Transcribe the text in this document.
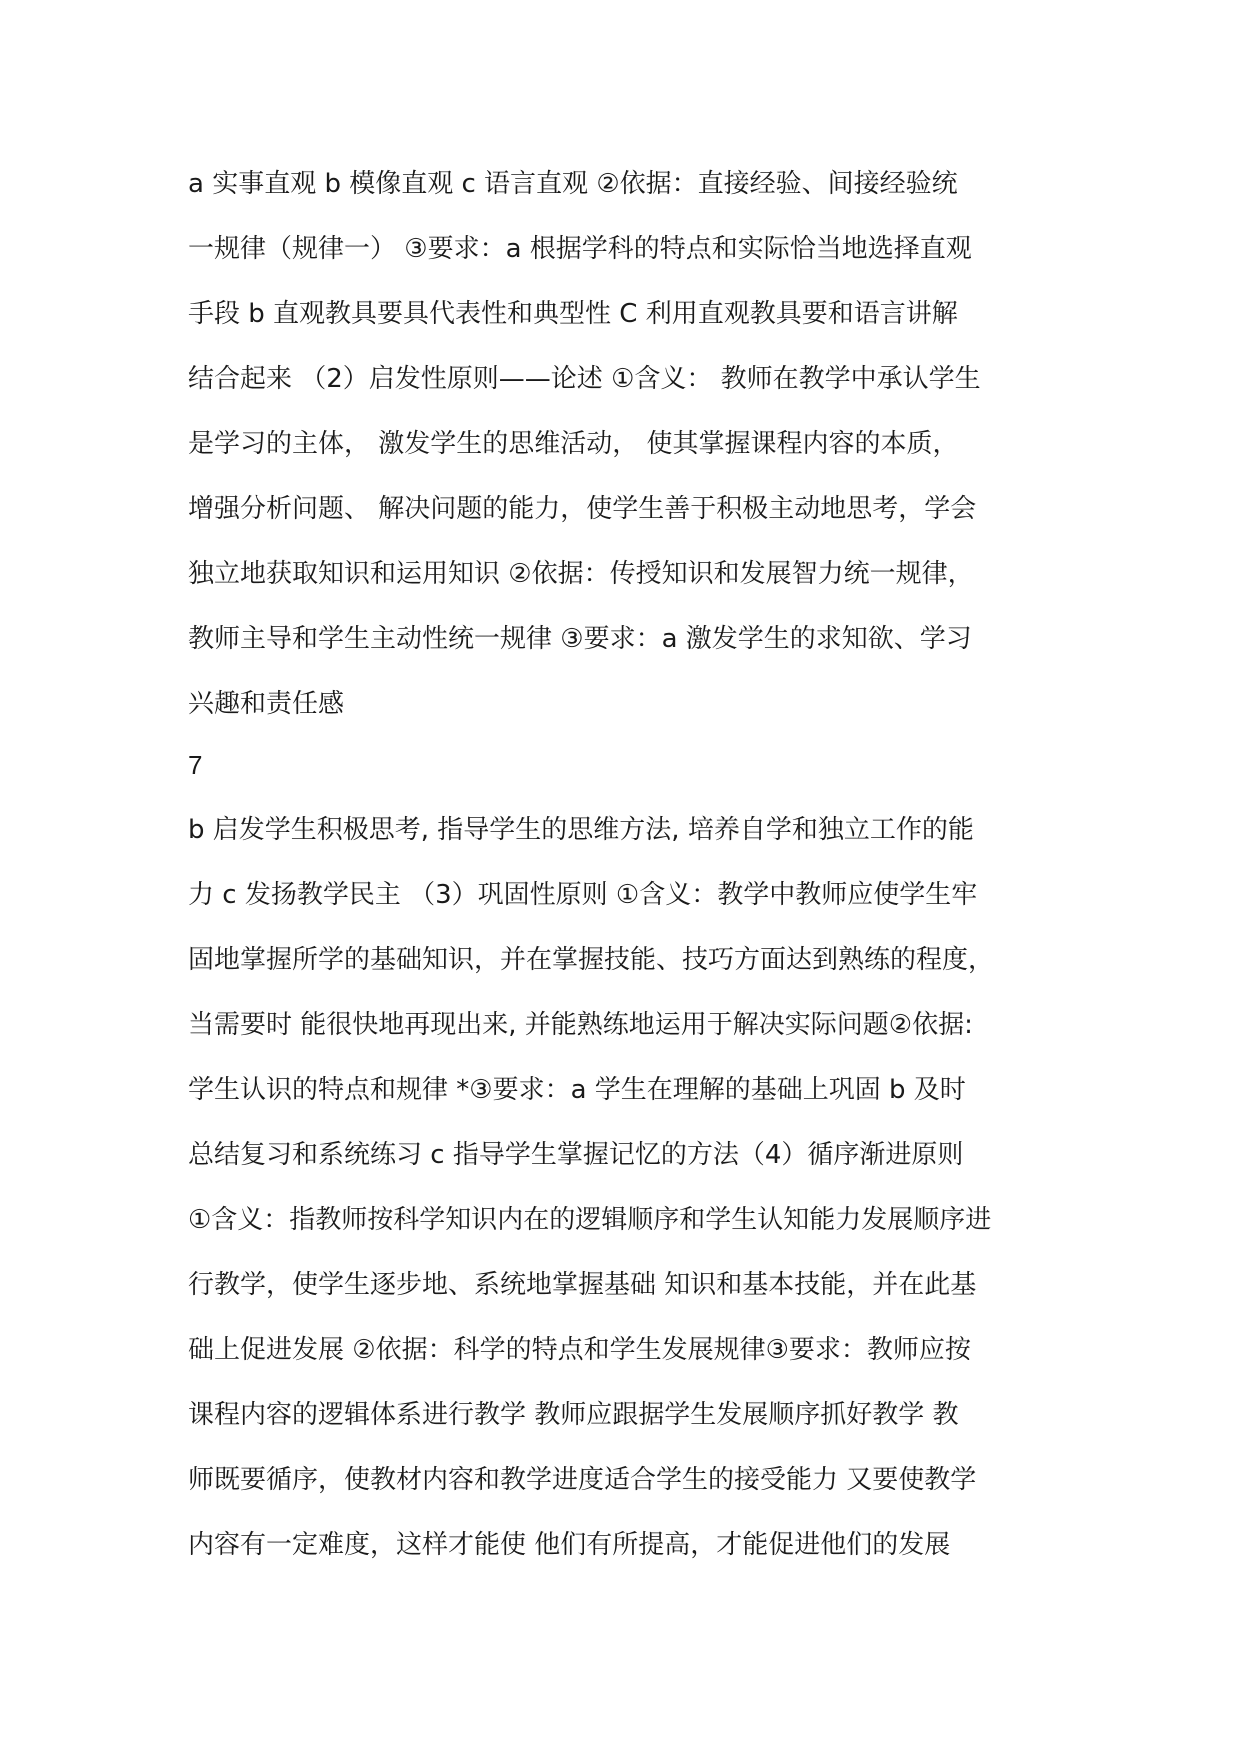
a 实事直观 b 模像直观 c 语言直观 ②依据：直接经验、间接经验统
一规律（规律一） ③要求：a 根据学科的特点和实际恰当地选择直观
手段 b 直观教具要具代表性和典型性 C 利用直观教具要和语言讲解
结合起来 （2）启发性原则——论述 ①含义： 教师在教学中承认学生
是学习的主体， 激发学生的思维活动， 使其掌握课程内容的本质，
增强分析问题、 解决问题的能力，使学生善于积极主动地思考，学会
独立地获取知识和运用知识 ②依据：传授知识和发展智力统一规律，
教师主导和学生主动性统一规律 ③要求：a 激发学生的求知欲、学习
兴趣和责任感
7
b 启发学生积极思考, 指导学生的思维方法, 培养自学和独立工作的能
力 c 发扬教学民主 （3）巩固性原则 ①含义：教学中教师应使学生牢
固地掌握所学的基础知识，并在掌握技能、技巧方面达到熟练的程度，
当需要时 能很快地再现出来, 并能熟练地运用于解决实际问题②依据:
学生认识的特点和规律 *③要求：a 学生在理解的基础上巩固 b 及时
总结复习和系统练习 c 指导学生掌握记忆的方法（4）循序渐进原则
①含义：指教师按科学知识内在的逻辑顺序和学生认知能力发展顺序进
行教学，使学生逐步地、系统地掌握基础 知识和基本技能，并在此基
础上促进发展 ②依据：科学的特点和学生发展规律③要求：教师应按
课程内容的逻辑体系进行教学 教师应跟据学生发展顺序抓好教学 教
师既要循序，使教材内容和教学进度适合学生的接受能力 又要使教学
内容有一定难度，这样才能使 他们有所提高，才能促进他们的发展
